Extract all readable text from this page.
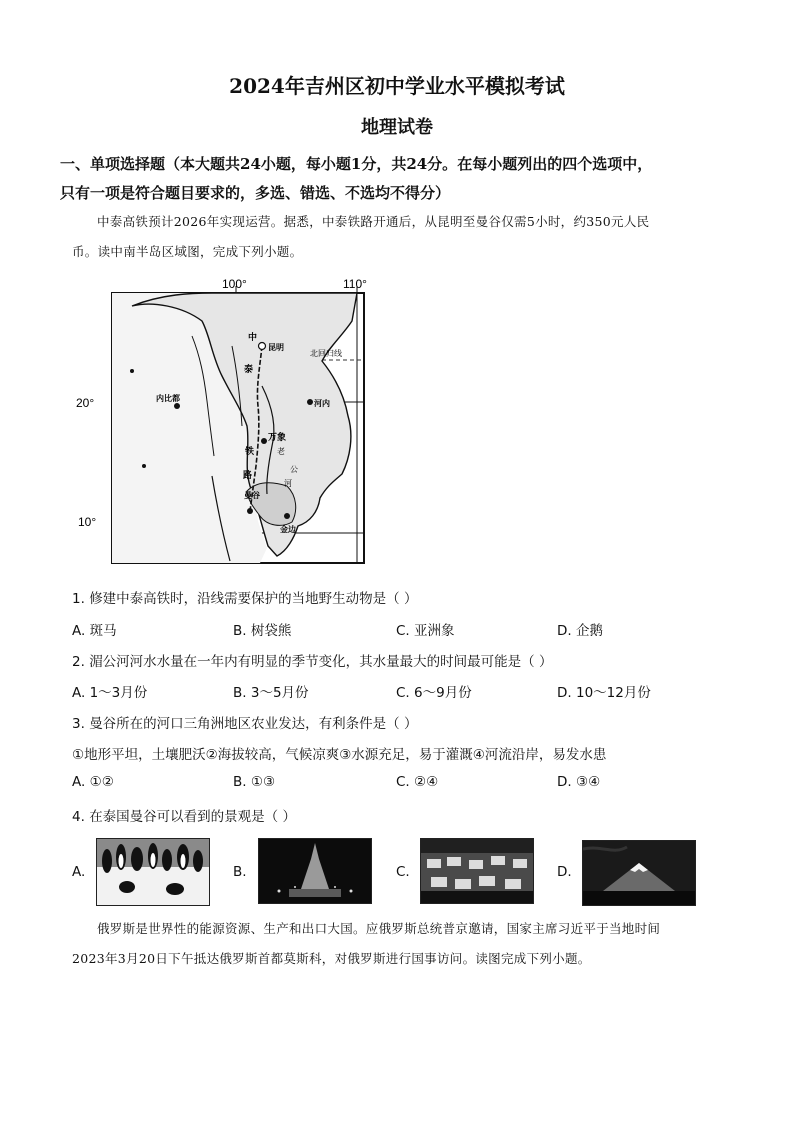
2024年吉州区初中学业水平模拟考试
地理试卷
一、单项选择题（本大题共24小题，每小题1分，共24分。在每小题列出的四个选项中，
只有一项是符合题目要求的，多选、错选、不选均不得分）

中泰高铁预计2026年实现运营。据悉，中泰铁路开通后，从昆明至曼谷仅需5小时，约350元人民

币。读中南半岛区域图，完成下列小题。
100°	110°
20°
10°
北回归线
中
昆明
河内
内比都
万象
泰
老
铁
路
曼谷
金边
公
河
1. 修建中泰高铁时，沿线需要保护的当地野生动物是（ ）
A. 斑马	B. 树袋熊	C. 亚洲象	D. 企鹅
2. 湄公河河水水量在一年内有明显的季节变化，其水量最大的时间最可能是（ ）
A. 1～3月份	B. 3～5月份	C. 6～9月份	D. 10～12月份
3. 曼谷所在的河口三角洲地区农业发达，有利条件是（ ）
①地形平坦，土壤肥沃②海拔较高，气候凉爽③水源充足，易于灌溉④河流沿岸，易发水患
A. ①②	B. ①③	C. ②④	D. ③④
4. 在泰国曼谷可以看到的景观是（ ）
A.	B.	C.	D.

俄罗斯是世界性的能源资源、生产和出口大国。应俄罗斯总统普京邀请，国家主席习近平于当地时间

2023年3月20日下午抵达俄罗斯首都莫斯科，对俄罗斯进行国事访问。读图完成下列小题。
